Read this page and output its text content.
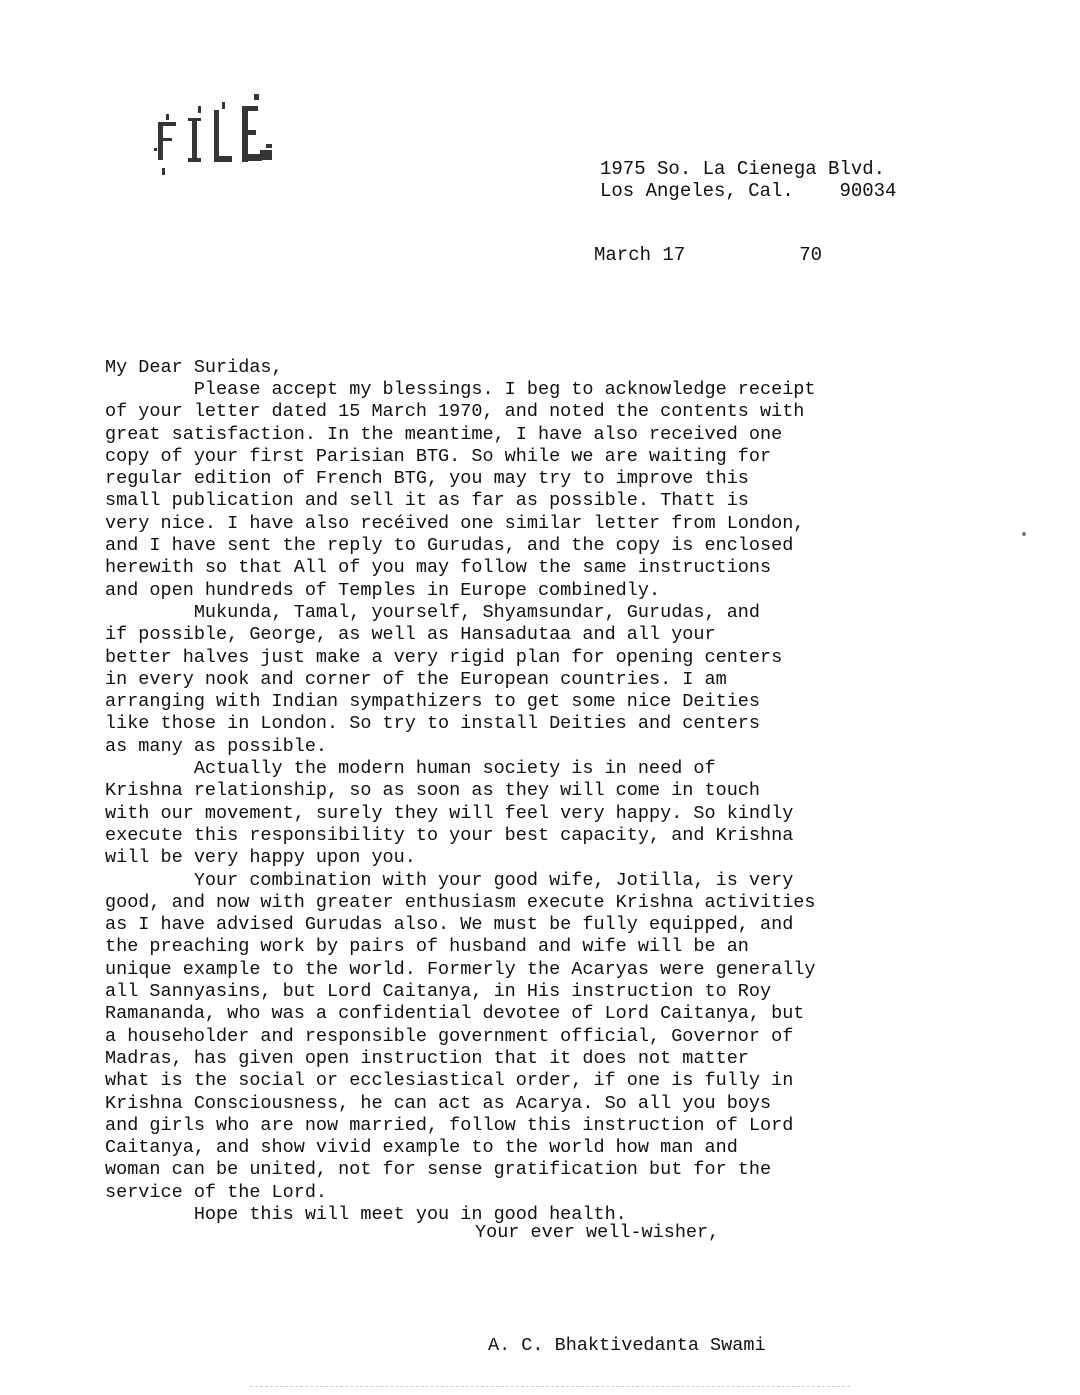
FILE
1975 So. La Cienega Blvd.
Los Angeles, Cal.    90034
March 17          70
My Dear Suridas,
Please accept my blessings. I beg to acknowledge receipt
of your letter dated 15 March 1970, and noted the contents with
great satisfaction. In the meantime, I have also received one
copy of your first Parisian BTG. So while we are waiting for
regular edition of French BTG, you may try to improve this
small publication and sell it as far as possible. Thatt is
very nice. I have also recéived one similar letter from London,
and I have sent the reply to Gurudas, and the copy is enclosed
herewith so that All of you may follow the same instructions
and open hundreds of Temples in Europe combinedly.
Mukunda, Tamal, yourself, Shyamsundar, Gurudas, and
if possible, George, as well as Hansadutaa and all your
better halves just make a very rigid plan for opening centers
in every nook and corner of the European countries. I am
arranging with Indian sympathizers to get some nice Deities
like those in London. So try to install Deities and centers
as many as possible.
Actually the modern human society is in need of
Krishna relationship, so as soon as they will come in touch
with our movement, surely they will feel very happy. So kindly
execute this responsibility to your best capacity, and Krishna
will be very happy upon you.
Your combination with your good wife, Jotilla, is very
good, and now with greater enthusiasm execute Krishna activities
as I have advised Gurudas also. We must be fully equipped, and
the preaching work by pairs of husband and wife will be an
unique example to the world. Formerly the Acaryas were generally
all Sannyasins, but Lord Caitanya, in His instruction to Roy
Ramananda, who was a confidential devotee of Lord Caitanya, but
a householder and responsible government official, Governor of
Madras, has given open instruction that it does not matter
what is the social or ecclesiastical order, if one is fully in
Krishna Consciousness, he can act as Acarya. So all you boys
and girls who are now married, follow this instruction of Lord
Caitanya, and show vivid example to the world how man and
woman can be united, not for sense gratification but for the
service of the Lord.
Hope this will meet you in good health.
Your ever well-wisher,
A. C. Bhaktivedanta Swami
